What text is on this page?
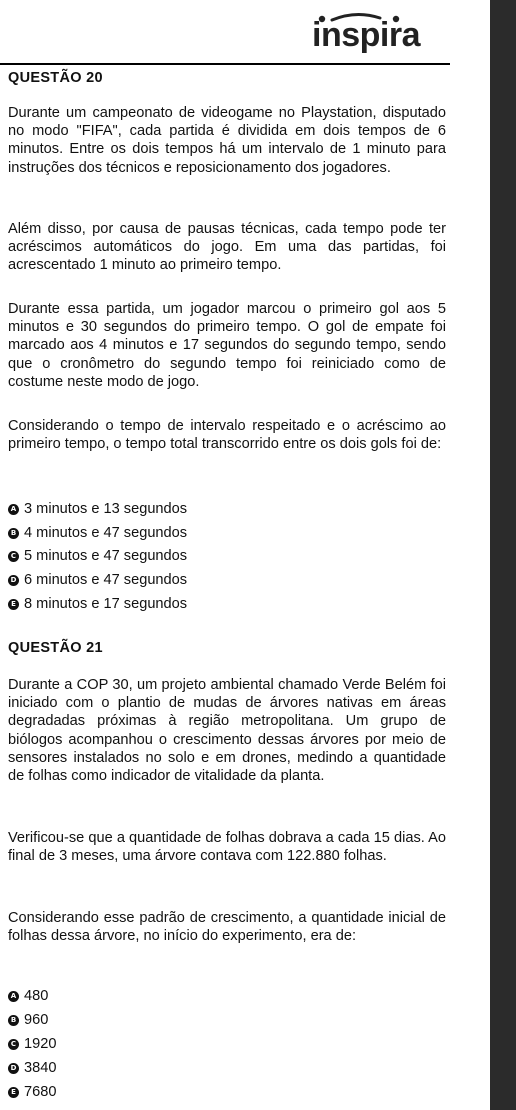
inspira
QUESTÃO 20

Durante um campeonato de videogame no Playstation, disputado no modo "FIFA", cada partida é dividida em dois tempos de 6 minutos. Entre os dois tempos há um intervalo de 1 minuto para instruções dos técnicos e reposicionamento dos jogadores.

Além disso, por causa de pausas técnicas, cada tempo pode ter acréscimos automáticos do jogo. Em uma das partidas, foi acrescentado 1 minuto ao primeiro tempo.

Durante essa partida, um jogador marcou o primeiro gol aos 5 minutos e 30 segundos do primeiro tempo. O gol de empate foi marcado aos 4 minutos e 17 segundos do segundo tempo, sendo que o cronômetro do segundo tempo foi reiniciado como de costume neste modo de jogo.

Considerando o tempo de intervalo respeitado e o acréscimo ao primeiro tempo, o tempo total transcorrido entre os dois gols foi de:

A 3 minutos e 13 segundos
B 4 minutos e 47 segundos
C 5 minutos e 47 segundos
D 6 minutos e 47 segundos
E 8 minutos e 17 segundos
QUESTÃO 21

Durante a COP 30, um projeto ambiental chamado Verde Belém foi iniciado com o plantio de mudas de árvores nativas em áreas degradadas próximas à região metropolitana. Um grupo de biólogos acompanhou o crescimento dessas árvores por meio de sensores instalados no solo e em drones, medindo a quantidade de folhas como indicador de vitalidade da planta.

Verificou-se que a quantidade de folhas dobrava a cada 15 dias. Ao final de 3 meses, uma árvore contava com 122.880 folhas.

Considerando esse padrão de crescimento, a quantidade inicial de folhas dessa árvore, no início do experimento, era de:

A 480
B 960
C 1920
D 3840
E 7680
